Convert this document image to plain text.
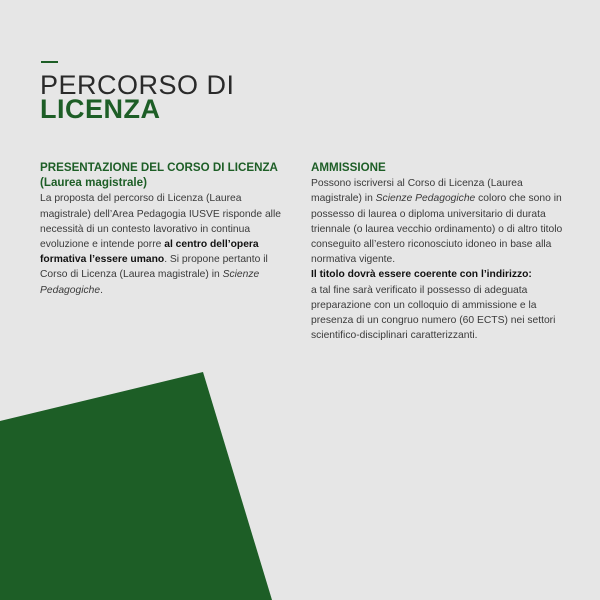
PERCORSO DI
LICENZA
PRESENTAZIONE DEL CORSO DI LICENZA
(Laurea magistrale)

La proposta del percorso di Licenza (Laurea magistrale) dell’Area Pedagogia IUSVE risponde alle necessità di un contesto lavorativo in continua evoluzione e intende porre al centro dell’opera formativa l’essere umano. Si propone pertanto il Corso di Licenza (Laurea magistrale) in Scienze Pedagogiche.

AMMISSIONE

Possono iscriversi al Corso di Licenza (Laurea magistrale) in Scienze Pedagogiche coloro che sono in possesso di laurea o diploma universitario di durata triennale (o laurea vecchio ordinamento) o di altro titolo conseguito all’estero riconosciuto idoneo in base alla normativa vigente.

Il titolo dovrà essere coerente con l’indirizzo:

a tal fine sarà verificato il possesso di adeguata preparazione con un colloquio di ammissione e la presenza di un congruo numero (60 ECTS) nei settori scientifico-disciplinari caratterizzanti.
